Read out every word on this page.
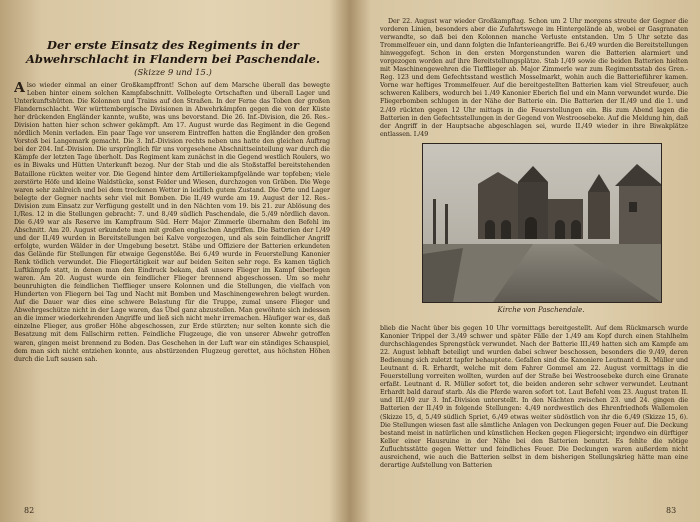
Der erste Einsatz des Regiments in der Abwehrschlacht in Flandern bei Paschendale.
(Skizze 9 und 15.)

Also wieder einmal an einer Großkampffront! Schon auf dem Marsche überall das bewegte Leben hinter einem solchen Kampfabschnitt. Vollbelegte Ortschaften und überall Lager und Unterkunftshütten. Die Kolonnen und Trains auf den Straßen. In der Ferne das Toben der großen Flandernschlacht. Wer württembergische Divisionen in Abwehrkämpfen gegen die von der Küste her drückenden Engländer kannte, wußte, was uns bevorstand. Die 26. Inf.-Division, die 26. Res.-Division hatten hier schon schwer gekämpft. Am 17. August wurde das Regiment in die Gegend nördlich Menin verladen. Ein paar Tage vor unserem Eintreffen hatten die Engländer den großen Vorstoß bei Langemark gemacht. Die 3. Inf.-Division rechts neben uns hatte den gleichen Auftrag bei der 204. Inf.-Division. Die ursprünglich für uns vorgesehene Abschnittseinteilung war durch die Kämpfe der letzten Tage überholt. Das Regiment kam zunächst in die Gegend westlich Roulers, wo es in Biwaks und Hütten Unterkunft bezog. Nur der Stab und die als Stoßstaffel bereitstehenden Bataillone rückten weiter vor. Die Gegend hinter dem Artilleriekampfgelände war topfeben; viele zerstörte Höfe und kleine Waldstücke, sonst Felder und Wiesen, durchzogen von Gräben. Die Wege waren sehr zahlreich und bei dem trockenen Wetter in leidlich gutem Zustand. Die Orte und Lager belegte der Gegner nachts sehr viel mit Bomben. Die II./49 wurde am 19. August der 12. Res.-Division zum Einsatz zur Verfügung gestellt und in den Nächten vom 19. bis 21. zur Ablösung des I./Res. 12 in die Stellungen gebracht: 7. und 8./49 südlich Paschendale, die 5./49 nördlich davon. Die 6./49 war als Reserve im Kampfraum Süd. Herr Major Zimmerle übernahm den Befehl im Abschnitt. Am 20. August erkundete man mit großen englischen Angriffen. Die Batterien der I./49 und der II./49 wurden in Bereitstellungen bei Kalve vorgezogen, und als sein feindlicher Angriff erfolgte, wurden Wälder in der Umgebung besetzt. Stäbe und Offiziere der Batterien erkundeten das Gelände für Stellungen für etwaige Gegenstöße. Bei 6./49 wurde in Feuerstellung Kanonier Renk tödlich verwundet. Die Fliegertätigkeit war auf beiden Seiten sehr rege. Es kamen täglich Luftkämpfe statt, in denen man den Eindruck bekam, daß unsere Flieger im Kampf überlegen waren. Am 20. August wurde ein feindlicher Flieger brennend abgeschossen. Um so mehr beunruhigten die feindlichen Tiefflieger unsere Kolonnen und die Stellungen, die vielfach von Hunderten von Fliegern bei Tag und Nacht mit Bomben und Maschinengewehren belegt wurden. Auf die Dauer war dies eine schwere Belastung für die Truppe, zumal unsere Flieger und Abwehrgeschütze nicht in der Lage waren, das Übel ganz abzustellen. Man gewöhnte sich indessen an die immer wiederkehrenden Angriffe und ließ sich nicht mehr irremachen. Häufiger war es, daß einzelne Flieger, aus großer Höhe abgeschossen, zur Erde stürzten; nur selten konnte sich die Besatzung mit dem Fallschirm retten. Feindliche Flugzeuge, die von unserer Abwehr getroffen waren, gingen meist brennend zu Boden. Das Geschehen in der Luft war ein ständiges Schauspiel, dem man sich nicht entziehen konnte, aus abstürzenden Flugzeug gerettet, aus höchsten Höhen durch die Luft sausen sah.

82

Der 22. August war wieder Großkampftag. Schon um 2 Uhr morgens streute der Gegner die vorderen Linien, besonders aber die Zufahrtswege im Hintergelände ab, wobei er Gasgranaten verwandte, so daß bei den Kolonnen manche Verluste entstanden. Um 5 Uhr setzte das Trommelfeuer ein, und dann folgten die Infanterieangriffe. Bei 6./49 wurden die Bereitstellungen hinweggefegt. Schon in den ersten Morgenstunden waren die Batterien alarmiert und vorgezogen worden auf ihre Bereitstellungsplätze. Stab I./49 sowie die beiden Batterien hielten mit Maschinengewehren die Tiefflieger ab. Major Zimmerle war zum Regimentsstab des Gren.-Reg. 123 und dem Gefechtsstand westlich Mosselmarkt, wohin auch die Batterieführer kamen. Vorne war heftiges Trommelfeuer. Auf die bereitgestellten Batterien kam viel Streufeuer, auch schweren Kalibers, wodurch bei 1./49 Kanonier Eberich fiel und ein Mann verwundet wurde. Die Fliegerbomben schlugen in der Nähe der Batterie ein. Die Batterien der II./49 und die 1. und 2./49 rückten gegen 12 Uhr mittags in die Feuerstellungen ein. Bis zum Abend lagen die Batterien in den Gefechtsstellungen in der Gegend von Westroosebeke. Auf die Meldung hin, daß der Angriff in der Hauptsache abgeschlagen sei, wurde II./49 wieder in ihre Biwakplätze entlassen. I./49

Kirche von Paschendale.

blieb die Nacht über bis gegen 10 Uhr vormittags bereitgestellt. Auf dem Rückmarsch wurde Kanonier Trippel der 3./49 schwer und später Fälle der 1./49 am Kopf durch einen Stahlhelm durchschlagendes Sprengstück verwundet. Nach der Batterie III./49 hatten sich am Kampfe am 22. August lebhaft beteiligt und wurden dabei schwer beschossen, besonders die 9./49, deren Bedienung sich zuletzt tapfer behauptete. Gefallen sind die Kanoniere Leutnant d. R. Müller und Leutnant d. R. Erhardt, welche mit dem Fahrer Gommel am 22. August vormittags in die Feuerstellung vorreiten wollten, wurden auf der Straße bei Westroosebeke durch eine Granate erfaßt. Leutnant d. R. Müller sofort tot, die beiden anderen sehr schwer verwundet. Leutnant Erhardt bald darauf starb. Als die Pferde waren sofort tot. Laut Befehl vom 23. August traten II. und III./49 zur 3. Inf.-Division unterstellt. In den Nächten zwischen 23. und 24. gingen die Batterien der II./49 in folgende Stellungen: 4./49 nordwestlich des Ehrenfriedhofs Wallemolen (Skizze 15, d, 5./49 südlich Spriet, 6./49 etwas weiter südöstlich von ihr die 6./49 (Skizze 15, 6). Die Stellungen wiesen fast alle sämtliche Anlagen von Deckungen gegen Feuer auf. Die Deckung bestand meist in natürlichen und künstlichen Hecken gegen Fliegersicht; irgendwo ein dürftiger Keller einer Hausruine in der Nähe bei den Batterien benutzt. Es fehlte die nötige Zufluchtsstätte gegen Wetter und feindliches Feuer. Die Deckungen waren außerdem nicht ausreichend, wie auch die Batterien selbst in dem bisherigen Stellungskrieg hätte man eine derartige Aufstellung von Batterien

83
